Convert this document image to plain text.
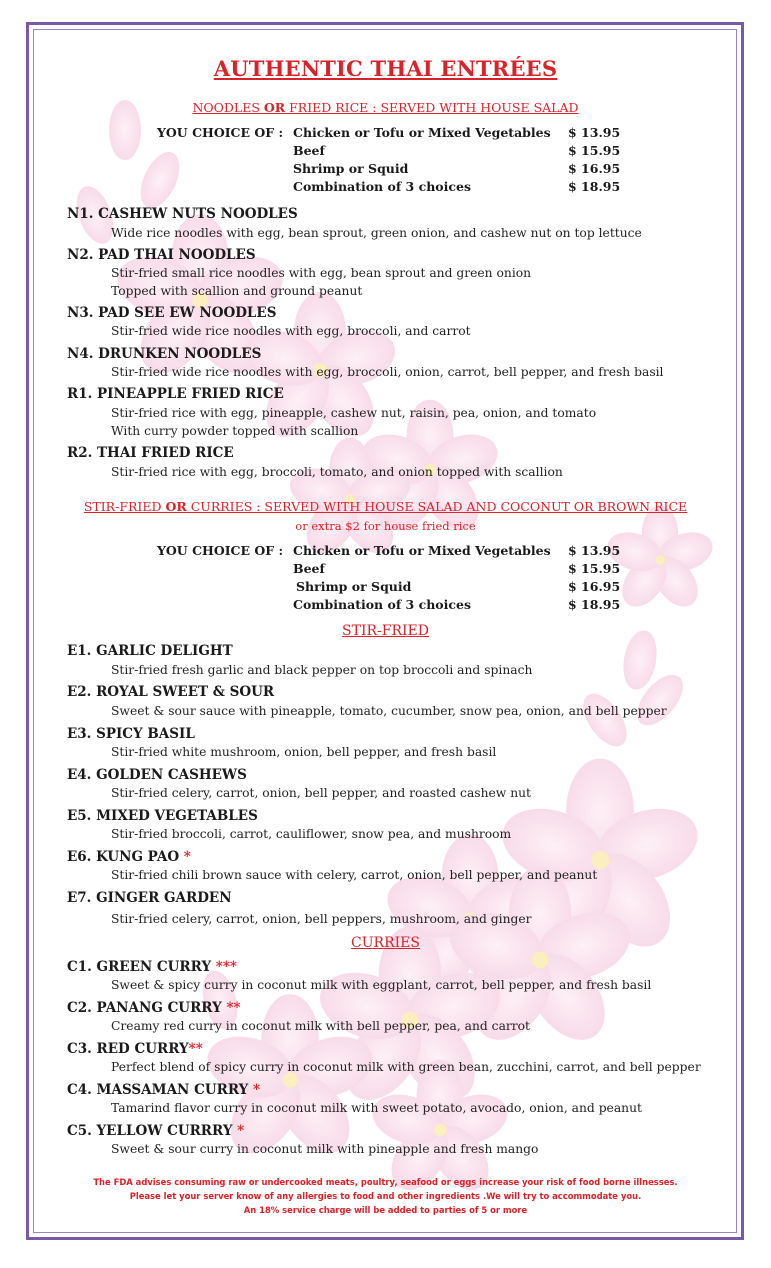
AUTHENTIC THAI ENTRÉES
NOODLES OR FRIED RICE : SERVED WITH HOUSE SALAD
YOU CHOICE OF : Chicken or Tofu or Mixed Vegetables $ 13.95
Beef	$ 15.95
Shrimp or Squid	$ 16.95
Combination of 3 choices	$ 18.95
N1. CASHEW NUTS NOODLES
Wide rice noodles with egg, bean sprout, green onion, and cashew nut on top lettuce
N2. PAD THAI NOODLES
Stir-fried small rice noodles with egg, bean sprout and green onion
Topped with scallion and ground peanut
N3. PAD SEE EW NOODLES
Stir-fried wide rice noodles with egg, broccoli, and carrot
N4. DRUNKEN NOODLES
Stir-fried wide rice noodles with egg, broccoli, onion, carrot, bell pepper, and fresh basil
R1. PINEAPPLE FRIED RICE
Stir-fried rice with egg, pineapple, cashew nut, raisin, pea, onion, and tomato
With curry powder topped with scallion
R2. THAI FRIED RICE
Stir-fried rice with egg, broccoli, tomato, and onion topped with scallion
STIR-FRIED OR CURRIES : SERVED WITH HOUSE SALAD AND COCONUT OR BROWN RICE
or extra $2 for house fried rice
YOU CHOICE OF : Chicken or Tofu or Mixed Vegetables $ 13.95
Beef	$ 15.95
Shrimp or Squid	$ 16.95
Combination of 3 choices	$ 18.95
STIR-FRIED
E1. GARLIC DELIGHT
Stir-fried fresh garlic and black pepper on top broccoli and spinach
E2. ROYAL SWEET & SOUR
Sweet & sour sauce with pineapple, tomato, cucumber, snow pea, onion, and bell pepper
E3. SPICY BASIL
Stir-fried white mushroom, onion, bell pepper, and fresh basil
E4. GOLDEN CASHEWS
Stir-fried celery, carrot, onion, bell pepper, and roasted cashew nut
E5. MIXED VEGETABLES
Stir-fried broccoli, carrot, cauliflower, snow pea, and mushroom
E6. KUNG PAO *
Stir-fried chili brown sauce with celery, carrot, onion, bell pepper, and peanut
E7. GINGER GARDEN
Stir-fried celery, carrot, onion, bell peppers, mushroom, and ginger
CURRIES
C1. GREEN CURRY ***
Sweet & spicy curry in coconut milk with eggplant, carrot, bell pepper, and fresh basil
C2. PANANG CURRY **
Creamy red curry in coconut milk with bell pepper, pea, and carrot
C3. RED CURRY**
Perfect blend of spicy curry in coconut milk with green bean, zucchini, carrot, and bell pepper
C4. MASSAMAN CURRY *
Tamarind flavor curry in coconut milk with sweet potato, avocado, onion, and peanut
C5. YELLOW CURRRY *
Sweet & sour curry in coconut milk with pineapple and fresh mango
The FDA advises consuming raw or undercooked meats, poultry, seafood or eggs increase your risk of food borne illnesses.
Please let your server know of any allergies to food and other ingredients .We will try to accommodate you.
An 18% service charge will be added to parties of 5 or more
